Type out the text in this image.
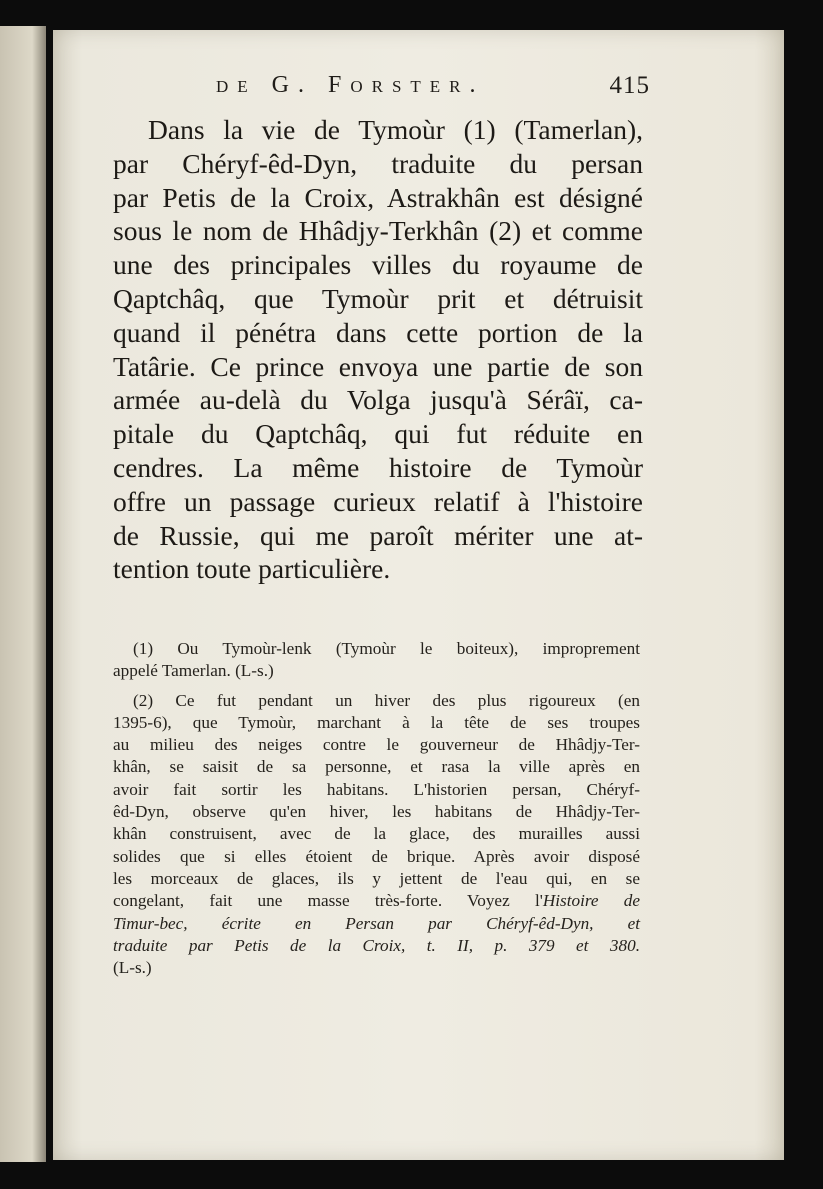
de G. Forster.	415
Dans la vie de Tymoùr (1) (Tamerlan),
par Chéryf-êd-Dyn, traduite du persan
par Petis de la Croix, Astrakhân est désigné
sous le nom de Hhâdjy-Terkhân (2) et comme
une des principales villes du royaume de
Qaptchâq, que Tymoùr prit et détruisit
quand il pénétra dans cette portion de la
Tatârie. Ce prince envoya une partie de son
armée au-delà du Volga jusqu'à Sérâï, ca-
pitale du Qaptchâq, qui fut réduite en
cendres. La même histoire de Tymoùr
offre un passage curieux relatif à l'histoire
de Russie, qui me paroît mériter une at-
tention toute particulière.
(1) Ou Tymoùr-lenk (Tymoùr le boiteux), improprement
appelé Tamerlan. (L-s.)
(2) Ce fut pendant un hiver des plus rigoureux (en
1395-6), que Tymoùr, marchant à la tête de ses troupes
au milieu des neiges contre le gouverneur de Hhâdjy-Ter-
khân, se saisit de sa personne, et rasa la ville après en
avoir fait sortir les habitans. L'historien persan, Chéryf-
êd-Dyn, observe qu'en hiver, les habitans de Hhâdjy-Ter-
khân construisent, avec de la glace, des murailles aussi
solides que si elles étoient de brique. Après avoir disposé
les morceaux de glaces, ils y jettent de l'eau qui, en se
congelant, fait une masse très-forte. Voyez l'Histoire de
Timur-bec, écrite en Persan par Chéryf-êd-Dyn, et
traduite par Petis de la Croix, t. II, p. 379 et 380.
(L-s.)
